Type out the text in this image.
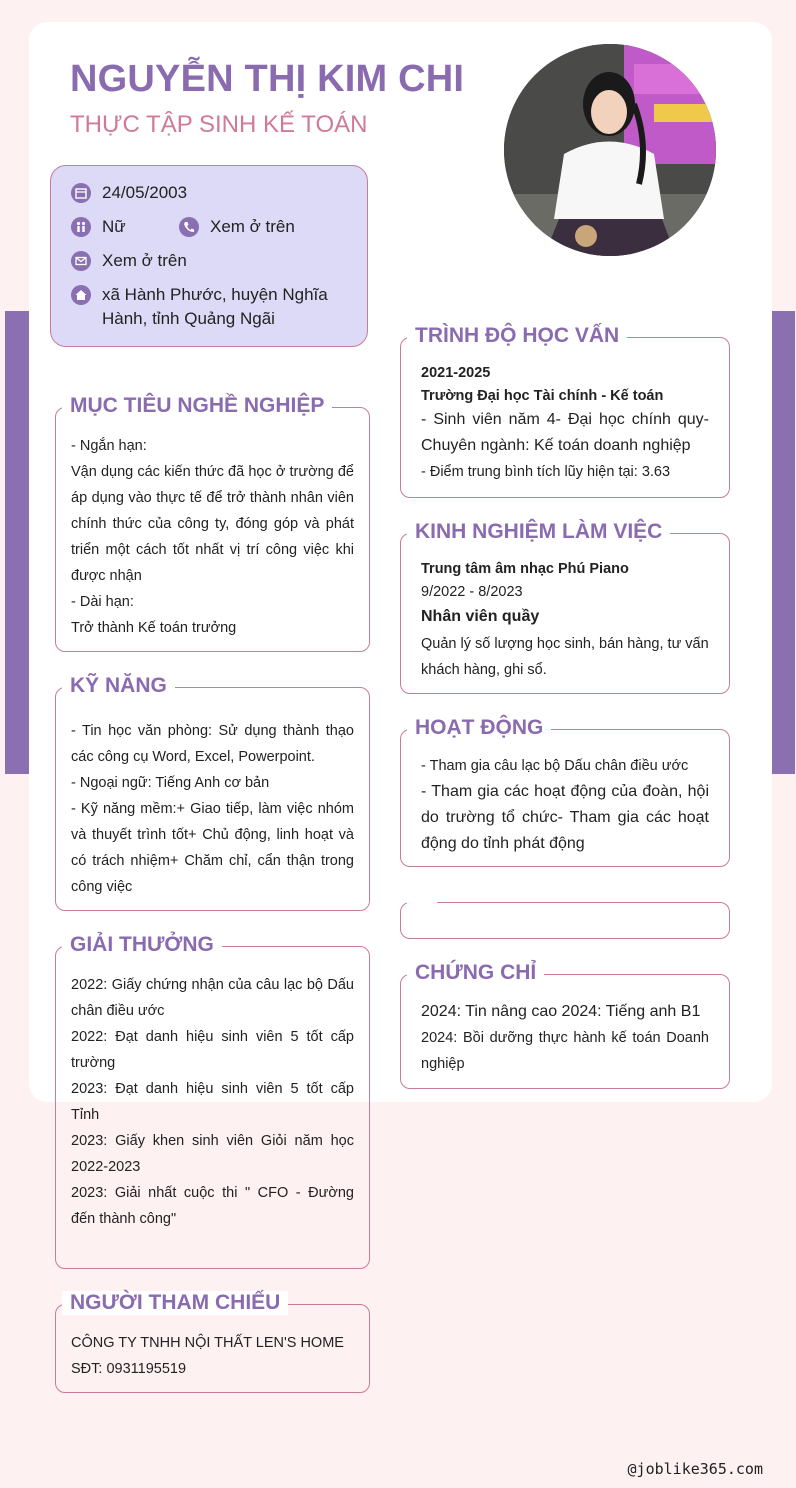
NGUYỄN THỊ KIM CHI
THỰC TẬP SINH KẾ TOÁN
24/05/2003
Nữ	Xem ở trên
Xem ở trên
xã Hành Phước, huyện Nghĩa
Hành, tỉnh Quảng Ngãi
MỤC TIÊU NGHỀ NGHIỆP
- Ngắn hạn:
Vận dụng các kiến thức đã học ở trường để áp dụng vào thực tế để trở thành nhân viên chính thức của công ty, đóng góp và phát triển một cách tốt nhất vị trí công việc khi được nhận
- Dài hạn:
Trở thành Kế toán trưởng
KỸ NĂNG
- Tin học văn phòng: Sử dụng thành thạo các công cụ Word, Excel, Powerpoint.
- Ngoại ngữ: Tiếng Anh cơ bản
- Kỹ năng mềm:+ Giao tiếp, làm việc nhóm và thuyết trình tốt+ Chủ động, linh hoạt và có trách nhiệm+ Chăm chỉ, cẩn thận trong công việc
GIẢI THƯỞNG
2022: Giấy chứng nhận của câu lạc bộ Dấu chân điều ước
2022: Đạt danh hiệu sinh viên 5 tốt cấp trường
2023: Đạt danh hiệu sinh viên 5 tốt cấp Tỉnh
2023: Giấy khen sinh viên Giỏi năm học 2022-2023
2023: Giải nhất cuộc thi " CFO - Đường đến thành công"
NGƯỜI THAM CHIẾU
CÔNG TY TNHH NỘI THẤT LEN'S HOME
SĐT: 0931195519
TRÌNH ĐỘ HỌC VẤN
2021-2025
Trường Đại học Tài chính - Kế toán
- Sinh viên năm 4- Đại học chính quy- Chuyên ngành: Kế toán doanh nghiệp
- Điểm trung bình tích lũy hiện tại: 3.63
KINH NGHIỆM LÀM VIỆC
Trung tâm âm nhạc Phú Piano
9/2022 - 8/2023
Nhân viên quầy
Quản lý số lượng học sinh, bán hàng, tư vấn khách hàng, ghi sổ.
HOẠT ĐỘNG
- Tham gia câu lạc bộ Dấu chân điều ước
- Tham gia các hoạt động của đoàn, hội do trường tổ chức- Tham gia các hoạt động do tỉnh phát động
CHỨNG CHỈ
2024: Tin nâng cao 2024: Tiếng anh B1
2024: Bồi dưỡng thực hành kế toán Doanh nghiệp
@joblike365.com
